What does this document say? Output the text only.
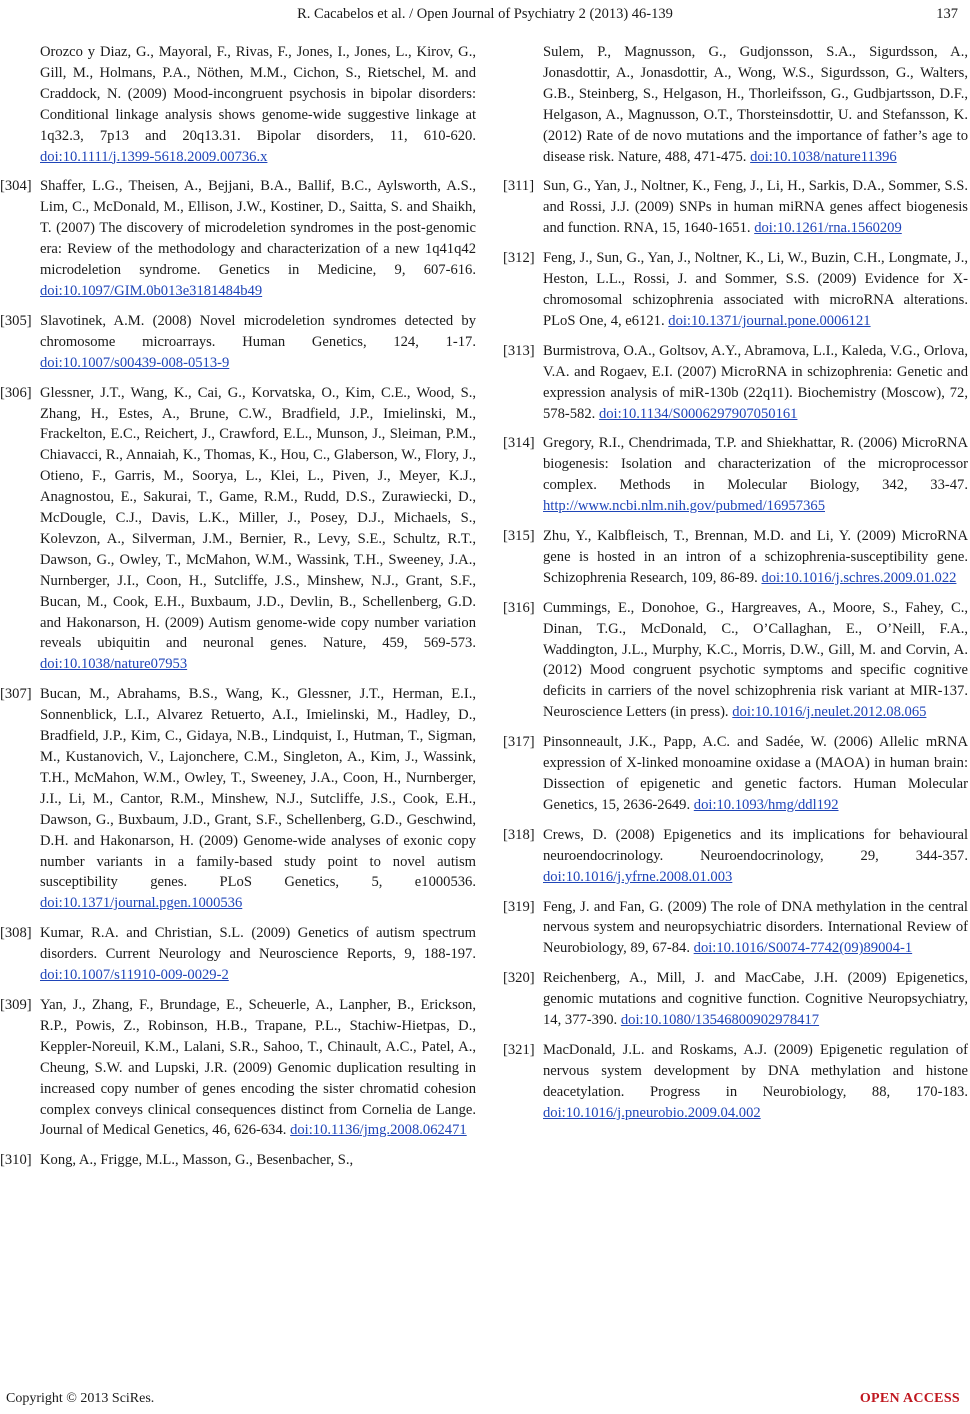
R. Cacabelos et al. / Open Journal of Psychiatry 2 (2013) 46-139	137
Orozco y Diaz, G., Mayoral, F., Rivas, F., Jones, I., Jones, L., Kirov, G., Gill, M., Holmans, P.A., Nöthen, M.M., Cichon, S., Rietschel, M. and Craddock, N. (2009) Mood-incongruent psychosis in bipolar disorders: Conditional linkage analysis shows genome-wide suggestive linkage at 1q32.3, 7p13 and 20q13.31. Bipolar disorders, 11, 610-620. doi:10.1111/j.1399-5618.2009.00736.x
[304] Shaffer, L.G., Theisen, A., Bejjani, B.A., Ballif, B.C., Aylsworth, A.S., Lim, C., McDonald, M., Ellison, J.W., Kostiner, D., Saitta, S. and Shaikh, T. (2007) The discovery of microdeletion syndromes in the post-genomic era: Review of the methodology and characterization of a new 1q41q42 microdeletion syndrome. Genetics in Medicine, 9, 607-616. doi:10.1097/GIM.0b013e3181484b49
[305] Slavotinek, A.M. (2008) Novel microdeletion syndromes detected by chromosome microarrays. Human Genetics, 124, 1-17. doi:10.1007/s00439-008-0513-9
[306] Glessner, J.T., Wang, K., Cai, G., Korvatska, O., Kim, C.E., Wood, S., Zhang, H., Estes, A., Brune, C.W., Bradfield, J.P., Imielinski, M., Frackelton, E.C., Reichert, J., Crawford, E.L., Munson, J., Sleiman, P.M., Chiavacci, R., Annaiah, K., Thomas, K., Hou, C., Glaberson, W., Flory, J., Otieno, F., Garris, M., Soorya, L., Klei, L., Piven, J., Meyer, K.J., Anagnostou, E., Sakurai, T., Game, R.M., Rudd, D.S., Zurawiecki, D., McDougle, C.J., Davis, L.K., Miller, J., Posey, D.J., Michaels, S., Kolevzon, A., Silverman, J.M., Bernier, R., Levy, S.E., Schultz, R.T., Dawson, G., Owley, T., McMahon, W.M., Wassink, T.H., Sweeney, J.A., Nurnberger, J.I., Coon, H., Sutcliffe, J.S., Minshew, N.J., Grant, S.F., Bucan, M., Cook, E.H., Buxbaum, J.D., Devlin, B., Schellenberg, G.D. and Hakonarson, H. (2009) Autism genome-wide copy number variation reveals ubiquitin and neuronal genes. Nature, 459, 569-573. doi:10.1038/nature07953
[307] Bucan, M., Abrahams, B.S., Wang, K., Glessner, J.T., Herman, E.I., Sonnenblick, L.I., Alvarez Retuerto, A.I., Imielinski, M., Hadley, D., Bradfield, J.P., Kim, C., Gidaya, N.B., Lindquist, I., Hutman, T., Sigman, M., Kustanovich, V., Lajonchere, C.M., Singleton, A., Kim, J., Wassink, T.H., McMahon, W.M., Owley, T., Sweeney, J.A., Coon, H., Nurnberger, J.I., Li, M., Cantor, R.M., Minshew, N.J., Sutcliffe, J.S., Cook, E.H., Dawson, G., Buxbaum, J.D., Grant, S.F., Schellenberg, G.D., Geschwind, D.H. and Hakonarson, H. (2009) Genome-wide analyses of exonic copy number variants in a family-based study point to novel autism susceptibility genes. PLoS Genetics, 5, e1000536. doi:10.1371/journal.pgen.1000536
[308] Kumar, R.A. and Christian, S.L. (2009) Genetics of autism spectrum disorders. Current Neurology and Neuroscience Reports, 9, 188-197. doi:10.1007/s11910-009-0029-2
[309] Yan, J., Zhang, F., Brundage, E., Scheuerle, A., Lanpher, B., Erickson, R.P., Powis, Z., Robinson, H.B., Trapane, P.L., Stachiw-Hietpas, D., Keppler-Noreuil, K.M., Lalani, S.R., Sahoo, T., Chinault, A.C., Patel, A., Cheung, S.W. and Lupski, J.R. (2009) Genomic duplication resulting in increased copy number of genes encoding the sister chromatid cohesion complex conveys clinical consequences distinct from Cornelia de Lange. Journal of Medical Genetics, 46, 626-634. doi:10.1136/jmg.2008.062471
[310] Kong, A., Frigge, M.L., Masson, G., Besenbacher, S.,
Sulem, P., Magnusson, G., Gudjonsson, S.A., Sigurdsson, A., Jonasdottir, A., Jonasdottir, A., Wong, W.S., Sigurdsson, G., Walters, G.B., Steinberg, S., Helgason, H., Thorleifsson, G., Gudbjartsson, D.F., Helgason, A., Magnusson, O.T., Thorsteinsdottir, U. and Stefansson, K. (2012) Rate of de novo mutations and the importance of father’s age to disease risk. Nature, 488, 471-475. doi:10.1038/nature11396
[311] Sun, G., Yan, J., Noltner, K., Feng, J., Li, H., Sarkis, D.A., Sommer, S.S. and Rossi, J.J. (2009) SNPs in human miRNA genes affect biogenesis and function. RNA, 15, 1640-1651. doi:10.1261/rna.1560209
[312] Feng, J., Sun, G., Yan, J., Noltner, K., Li, W., Buzin, C.H., Longmate, J., Heston, L.L., Rossi, J. and Sommer, S.S. (2009) Evidence for X-chromosomal schizophrenia associated with microRNA alterations. PLoS One, 4, e6121. doi:10.1371/journal.pone.0006121
[313] Burmistrova, O.A., Goltsov, A.Y., Abramova, L.I., Kaleda, V.G., Orlova, V.A. and Rogaev, E.I. (2007) MicroRNA in schizophrenia: Genetic and expression analysis of miR-130b (22q11). Biochemistry (Moscow), 72, 578-582. doi:10.1134/S0006297907050161
[314] Gregory, R.I., Chendrimada, T.P. and Shiekhattar, R. (2006) MicroRNA biogenesis: Isolation and characterization of the microprocessor complex. Methods in Molecular Biology, 342, 33-47. http://www.ncbi.nlm.nih.gov/pubmed/16957365
[315] Zhu, Y., Kalbfleisch, T., Brennan, M.D. and Li, Y. (2009) MicroRNA gene is hosted in an intron of a schizophrenia-susceptibility gene. Schizophrenia Research, 109, 86-89. doi:10.1016/j.schres.2009.01.022
[316] Cummings, E., Donohoe, G., Hargreaves, A., Moore, S., Fahey, C., Dinan, T.G., McDonald, C., O’Callaghan, E., O’Neill, F.A., Waddington, J.L., Murphy, K.C., Morris, D.W., Gill, M. and Corvin, A. (2012) Mood congruent psychotic symptoms and specific cognitive deficits in carriers of the novel schizophrenia risk variant at MIR-137. Neuroscience Letters (in press). doi:10.1016/j.neulet.2012.08.065
[317] Pinsonneault, J.K., Papp, A.C. and Sadée, W. (2006) Allelic mRNA expression of X-linked monoamine oxidase a (MAOA) in human brain: Dissection of epigenetic and genetic factors. Human Molecular Genetics, 15, 2636-2649. doi:10.1093/hmg/ddl192
[318] Crews, D. (2008) Epigenetics and its implications for behavioural neuroendocrinology. Neuroendocrinology, 29, 344-357. doi:10.1016/j.yfrne.2008.01.003
[319] Feng, J. and Fan, G. (2009) The role of DNA methylation in the central nervous system and neuropsychiatric disorders. International Review of Neurobiology, 89, 67-84. doi:10.1016/S0074-7742(09)89004-1
[320] Reichenberg, A., Mill, J. and MacCabe, J.H. (2009) Epigenetics, genomic mutations and cognitive function. Cognitive Neuropsychiatry, 14, 377-390. doi:10.1080/13546800902978417
[321] MacDonald, J.L. and Roskams, A.J. (2009) Epigenetic regulation of nervous system development by DNA methylation and histone deacetylation. Progress in Neurobiology, 88, 170-183. doi:10.1016/j.pneurobio.2009.04.002
Copyright © 2013 SciRes.	OPEN ACCESS
